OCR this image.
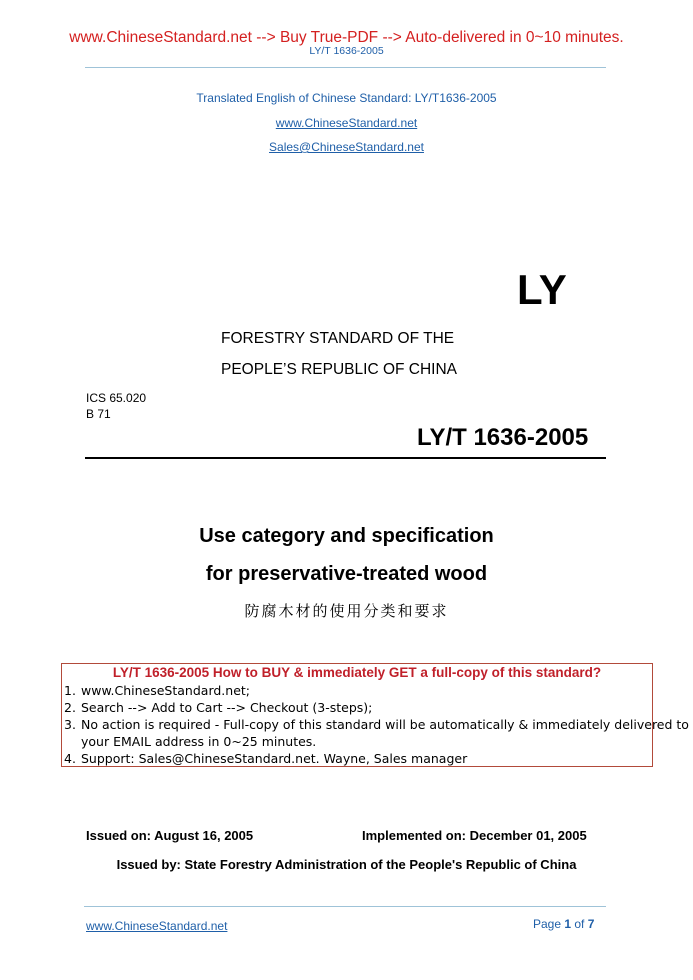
www.ChineseStandard.net --> Buy True-PDF --> Auto-delivered in 0~10 minutes.
LY/T 1636-2005
Translated English of Chinese Standard: LY/T1636-2005
www.ChineseStandard.net
Sales@ChineseStandard.net
LY
FORESTRY STANDARD OF THE
PEOPLE’S REPUBLIC OF CHINA
ICS 65.020
B 71
LY/T 1636-2005
Use category and specification
for preservative-treated wood
防腐木材的使用分类和要求
LY/T 1636-2005 How to BUY & immediately GET a full-copy of this standard?
1. www.ChineseStandard.net;
2. Search --> Add to Cart --> Checkout (3-steps);
3. No action is required - Full-copy of this standard will be automatically & immediately delivered to
your EMAIL address in 0~25 minutes.
4. Support: Sales@ChineseStandard.net. Wayne, Sales manager
Issued on: August 16, 2005	Implemented on: December 01, 2005
Issued by: State Forestry Administration of the People's Republic of China
www.ChineseStandard.net	Page 1 of 7
